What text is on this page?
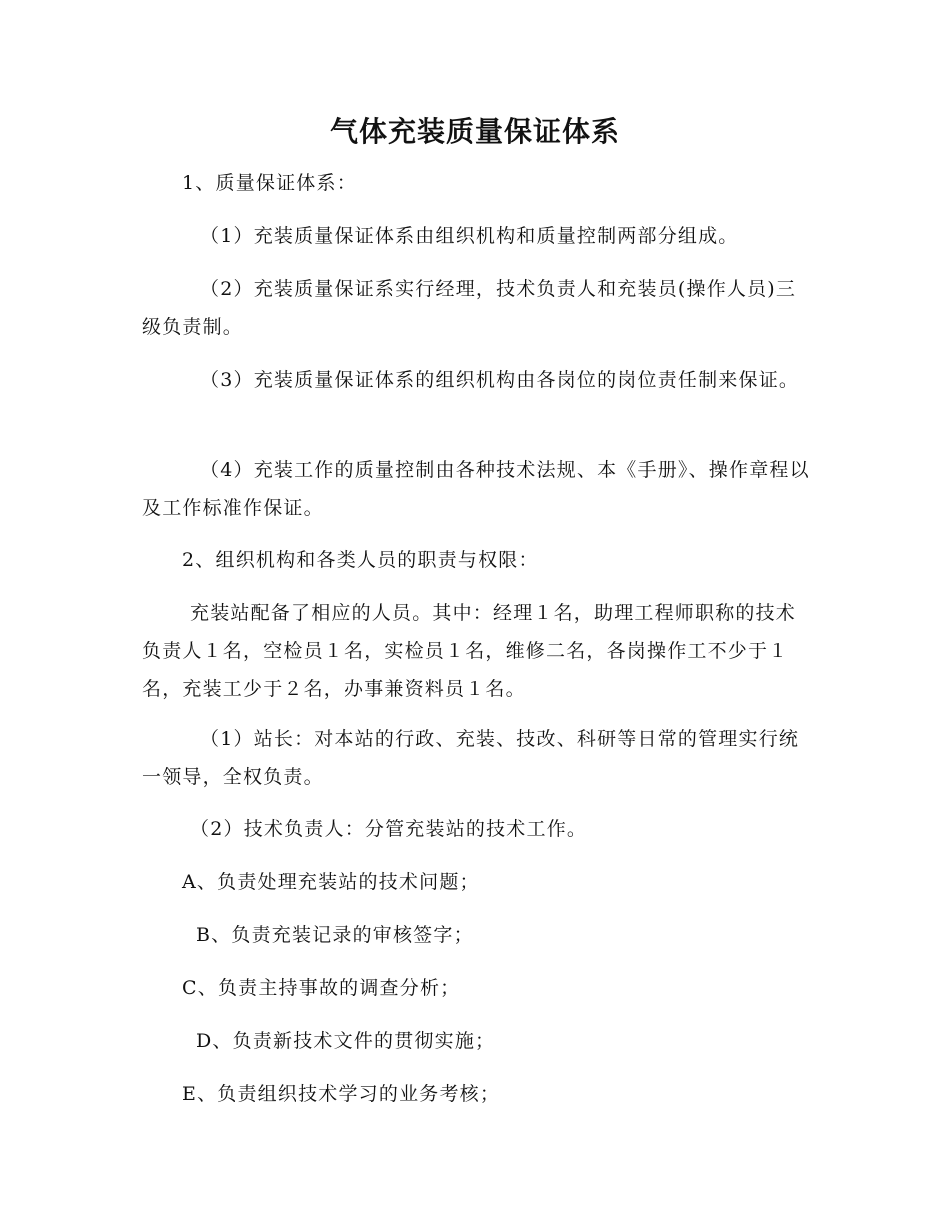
气体充装质量保证体系
1、质量保证体系：
（1）充装质量保证体系由组织机构和质量控制两部分组成。
（2）充装质量保证系实行经理，技术负责人和充装员(操作人员)三级负责制。
（3）充装质量保证体系的组织机构由各岗位的岗位责任制来保证。
（4）充装工作的质量控制由各种技术法规、本《手册》、操作章程以及工作标准作保证。
2、组织机构和各类人员的职责与权限：
充装站配备了相应的人员。其中：经理１名，助理工程师职称的技术负责人１名，空检员１名，实检员１名，维修二名，各岗操作工不少于１名，充装工少于２名，办事兼资料员１名。
（1）站长：对本站的行政、充装、技改、科研等日常的管理实行统一领导，全权负责。
（2）技术负责人：分管充装站的技术工作。
A、负责处理充装站的技术问题；
B、负责充装记录的审核签字；
C、负责主持事故的调查分析；
D、负责新技术文件的贯彻实施；
E、负责组织技术学习的业务考核；
